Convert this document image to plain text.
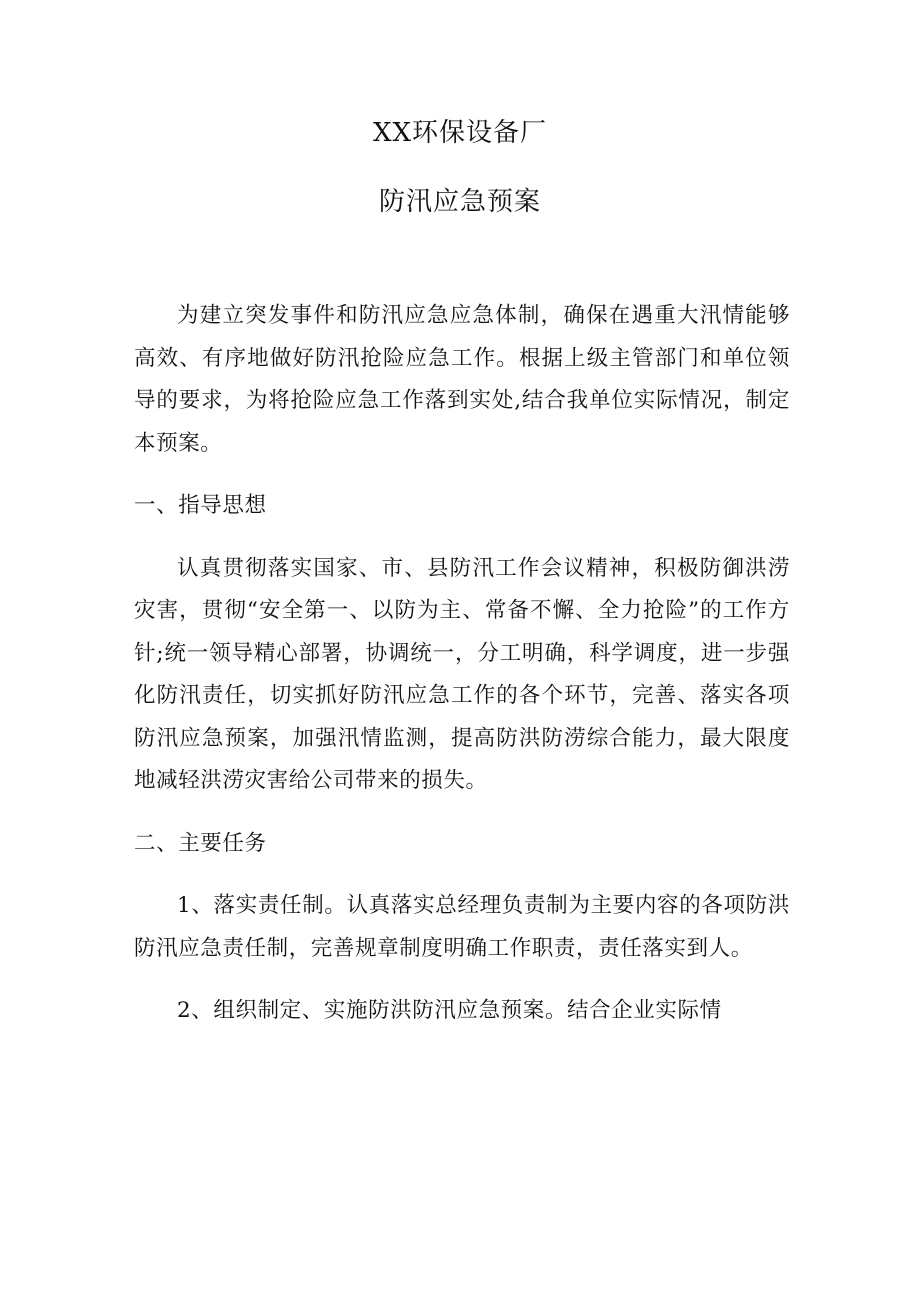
XX环保设备厂
防汛应急预案

为建立突发事件和防汛应急应急体制，确保在遇重大汛情能够高效、有序地做好防汛抢险应急工作。根据上级主管部门和单位领导的要求，为将抢险应急工作落到实处,结合我单位实际情况，制定本预案。

一、指导思想

认真贯彻落实国家、市、县防汛工作会议精神，积极防御洪涝灾害，贯彻“安全第一、以防为主、常备不懈、全力抢险”的工作方针;统一领导精心部署，协调统一，分工明确，科学调度，进一步强化防汛责任，切实抓好防汛应急工作的各个环节，完善、落实各项防汛应急预案，加强汛情监测，提高防洪防涝综合能力，最大限度地减轻洪涝灾害给公司带来的损失。

二、主要任务

1、落实责任制。认真落实总经理负责制为主要内容的各项防洪防汛应急责任制，完善规章制度明确工作职责，责任落实到人。

2、组织制定、实施防洪防汛应急预案。结合企业实际情
